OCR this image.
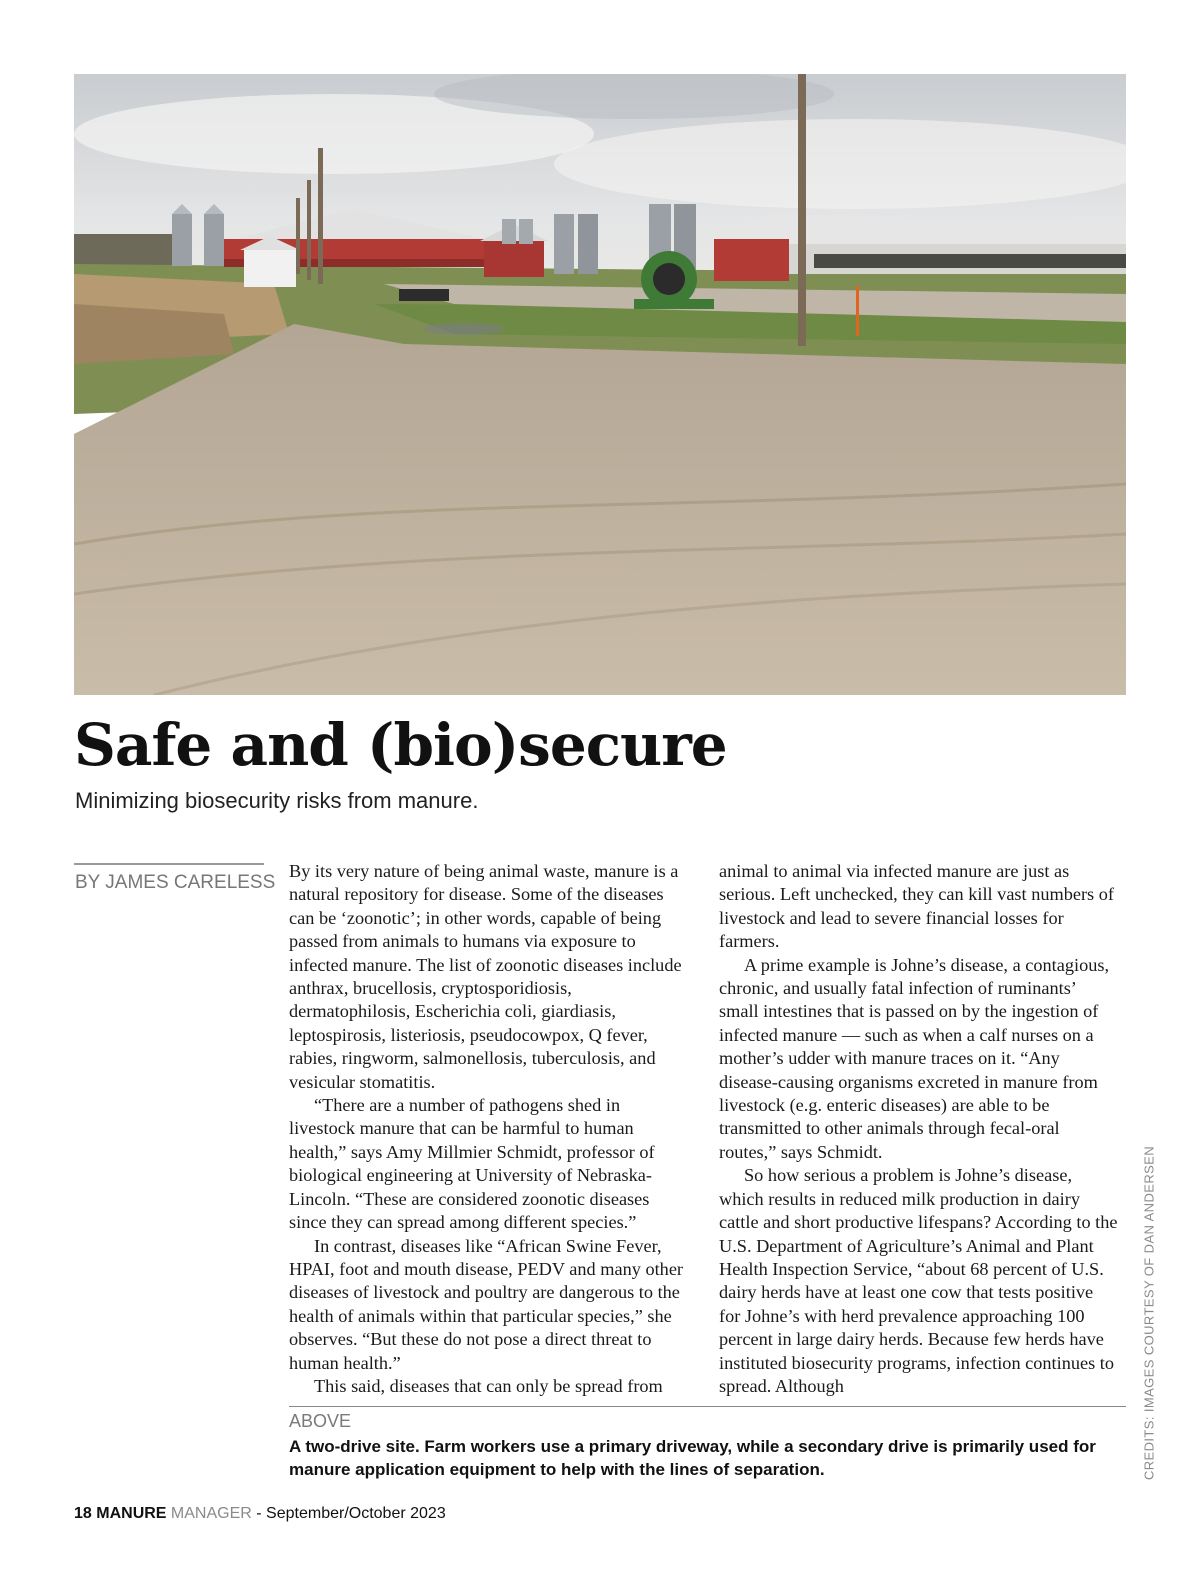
Safe and (bio)secure

Minimizing biosecurity risks from manure.

BY JAMES CARELESS

By its very nature of being animal waste, manure is a natural repository for disease. Some of the diseases can be ‘zoonotic’; in other words, capable of being passed from animals to humans via exposure to infected manure. The list of zoonotic diseases include anthrax, brucellosis, cryptosporidiosis, dermatophilosis, Escherichia coli, giardiasis, leptospirosis, listeriosis, pseudocowpox, Q fever, rabies, ringworm, salmonellosis, tuberculosis, and vesicular stomatitis.

“There are a number of pathogens shed in livestock manure that can be harmful to human health,” says Amy Millmier Schmidt, professor of biological engineering at University of Nebraska-Lincoln. “These are considered zoonotic diseases since they can spread among different species.”

In contrast, diseases like “African Swine Fever, HPAI, foot and mouth disease, PEDV and many other diseases of livestock and poultry are dangerous to the health of animals within that particular species,” she observes. “But these do not pose a direct threat to human health.”

This said, diseases that can only be spread from

animal to animal via infected manure are just as serious. Left unchecked, they can kill vast numbers of livestock and lead to severe financial losses for farmers.

A prime example is Johne’s disease, a contagious, chronic, and usually fatal infection of ruminants’ small intestines that is passed on by the ingestion of infected manure — such as when a calf nurses on a mother’s udder with manure traces on it. “Any disease-causing organisms excreted in manure from livestock (e.g. enteric diseases) are able to be transmitted to other animals through fecal-oral routes,” says Schmidt.

So how serious a problem is Johne’s disease, which results in reduced milk production in dairy cattle and short productive lifespans? According to the U.S. Department of Agriculture’s Animal and Plant Health Inspection Service, “about 68 percent of U.S. dairy herds have at least one cow that tests positive for Johne’s with herd prevalence approaching 100 percent in large dairy herds. Because few herds have instituted biosecurity programs, infection continues to spread. Although

ABOVE
A two-drive site. Farm workers use a primary driveway, while a secondary drive is primarily used for manure application equipment to help with the lines of separation.	CREDITS: IMAGES COURTESY OF DAN ANDERSEN
18 MANURE MANAGER - September/October 2023
